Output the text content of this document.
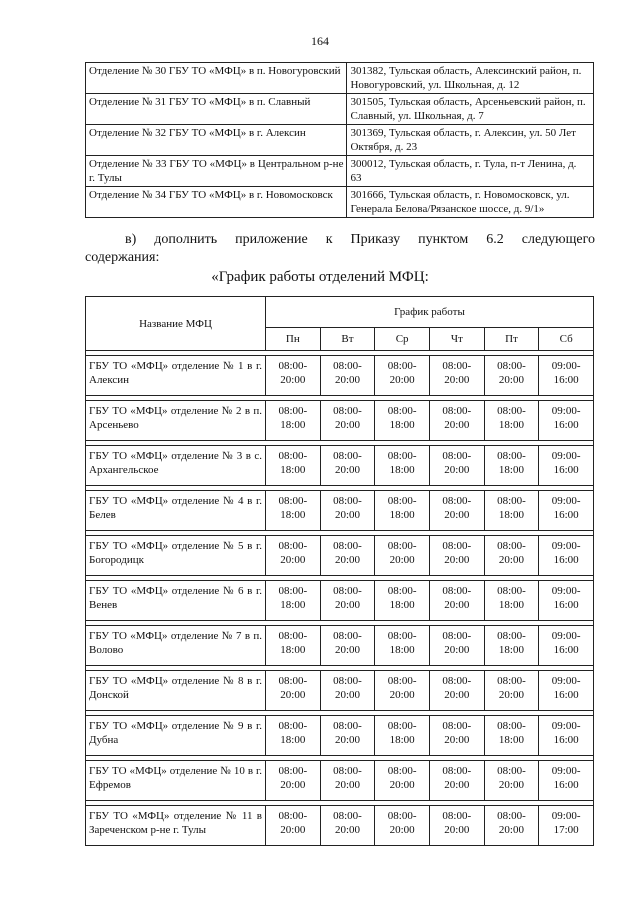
164
Отделение № 30 ГБУ ТО «МФЦ» в п. Новогуровский	301382, Тульская область, Алексинский район, п. Новогуровский, ул. Школьная, д. 12
Отделение № 31 ГБУ ТО «МФЦ» в п. Славный	301505, Тульская область, Арсеньевский район, п. Славный, ул. Школьная, д. 7
Отделение № 32 ГБУ ТО «МФЦ» в г. Алексин	301369, Тульская область, г. Алексин, ул. 50 Лет Октября, д. 23
Отделение № 33 ГБУ ТО «МФЦ» в Центральном р-не г. Тулы	300012, Тульская область, г. Тула, п-т Ленина, д. 63
Отделение № 34 ГБУ ТО «МФЦ» в г. Новомосковск	301666, Тульская область, г. Новомосковск, ул. Генерала Белова/Рязанское шоссе, д. 9/1»
в) дополнить приложение к Приказу пунктом 6.2 следующего
содержания:
«График работы отделений МФЦ:
Название МФЦ	График работы					
	Пн	Вт	Ср	Чт	Пт	Сб

ГБУ ТО «МФЦ» отделение № 1 в г. Алексин	08:00-20:00	08:00-20:00	08:00-20:00	08:00-20:00	08:00-20:00	09:00-16:00

ГБУ ТО «МФЦ» отделение № 2 в п. Арсеньево	08:00-18:00	08:00-20:00	08:00-18:00	08:00-20:00	08:00-18:00	09:00-16:00

ГБУ ТО «МФЦ» отделение № 3 в с. Архангельское	08:00-18:00	08:00-20:00	08:00-18:00	08:00-20:00	08:00-18:00	09:00-16:00

ГБУ ТО «МФЦ» отделение № 4 в г. Белев	08:00-18:00	08:00-20:00	08:00-18:00	08:00-20:00	08:00-18:00	09:00-16:00

ГБУ ТО «МФЦ» отделение № 5 в г. Богородицк	08:00-20:00	08:00-20:00	08:00-20:00	08:00-20:00	08:00-20:00	09:00-16:00

ГБУ ТО «МФЦ» отделение № 6 в г. Венев	08:00-18:00	08:00-20:00	08:00-18:00	08:00-20:00	08:00-18:00	09:00-16:00

ГБУ ТО «МФЦ» отделение № 7 в п. Волово	08:00-18:00	08:00-20:00	08:00-18:00	08:00-20:00	08:00-18:00	09:00-16:00

ГБУ ТО «МФЦ» отделение № 8 в г. Донской	08:00-20:00	08:00-20:00	08:00-20:00	08:00-20:00	08:00-20:00	09:00-16:00

ГБУ ТО «МФЦ» отделение № 9 в г. Дубна	08:00-18:00	08:00-20:00	08:00-18:00	08:00-20:00	08:00-18:00	09:00-16:00

ГБУ ТО «МФЦ» отделение № 10 в г. Ефремов	08:00-20:00	08:00-20:00	08:00-20:00	08:00-20:00	08:00-20:00	09:00-16:00

ГБУ ТО «МФЦ» отделение № 11 в Зареченском р-не г. Тулы	08:00-20:00	08:00-20:00	08:00-20:00	08:00-20:00	08:00-20:00	09:00-17:00
